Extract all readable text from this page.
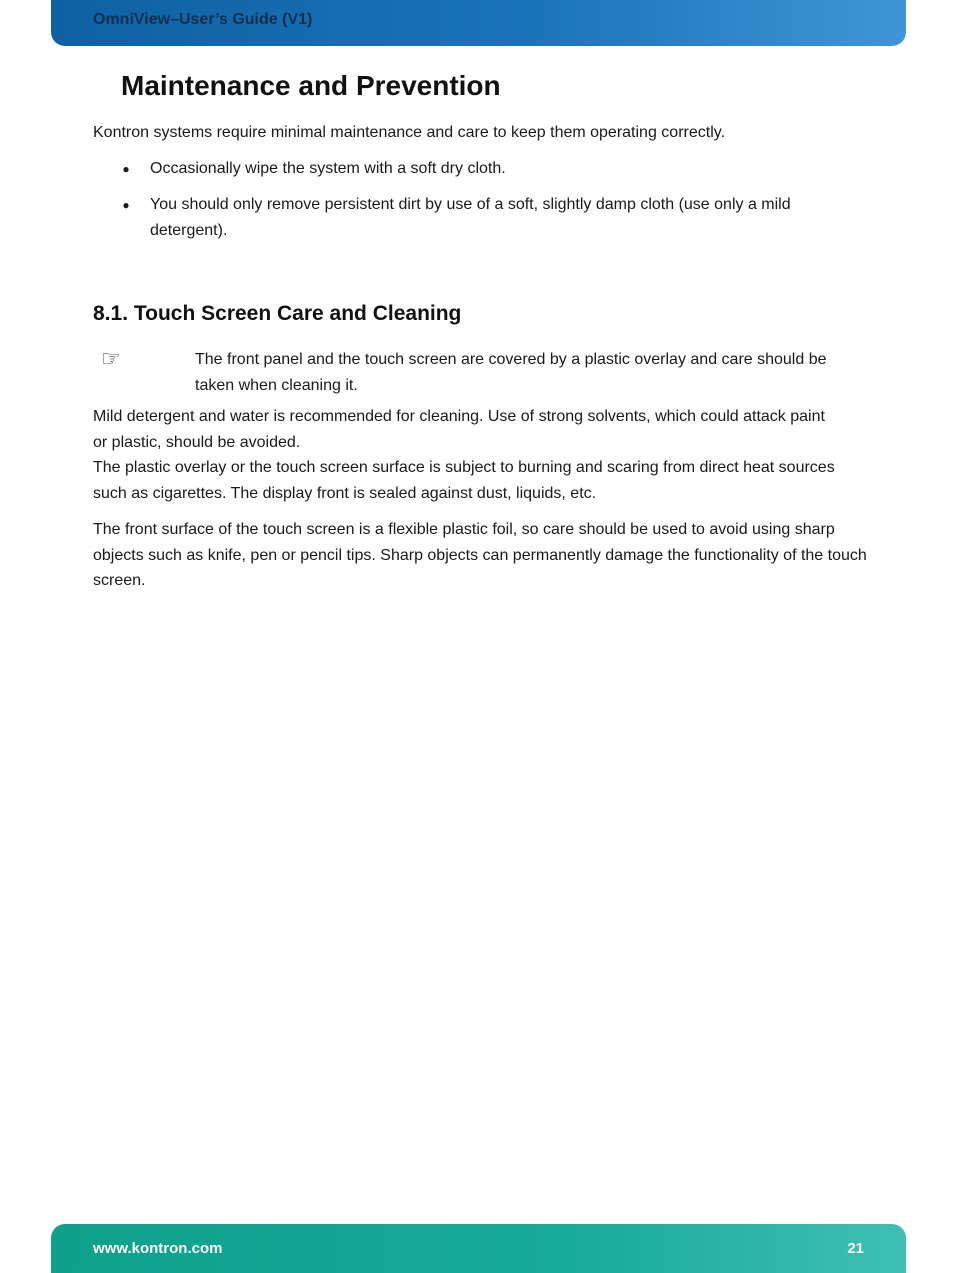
OmniView–User’s Guide (V1)
Maintenance and Prevention
Kontron systems require minimal maintenance and care to keep them operating correctly.
●	Occasionally wipe the system with a soft dry cloth.
●	You should only remove persistent dirt by use of a soft, slightly damp cloth (use only a mild detergent).
8.1. Touch Screen Care and Cleaning
☞	The front panel and the touch screen are covered by a plastic overlay and care should be taken when cleaning it.
Mild detergent and water is recommended for cleaning. Use of strong solvents, which could attack paint or plastic, should be avoided.
The plastic overlay or the touch screen surface is subject to burning and scaring from direct heat sources such as cigarettes. The display front is sealed against dust, liquids, etc.
The front surface of the touch screen is a flexible plastic foil, so care should be used to avoid using sharp objects such as knife, pen or pencil tips. Sharp objects can permanently damage the functionality of the touch screen.
www.kontron.com	21
